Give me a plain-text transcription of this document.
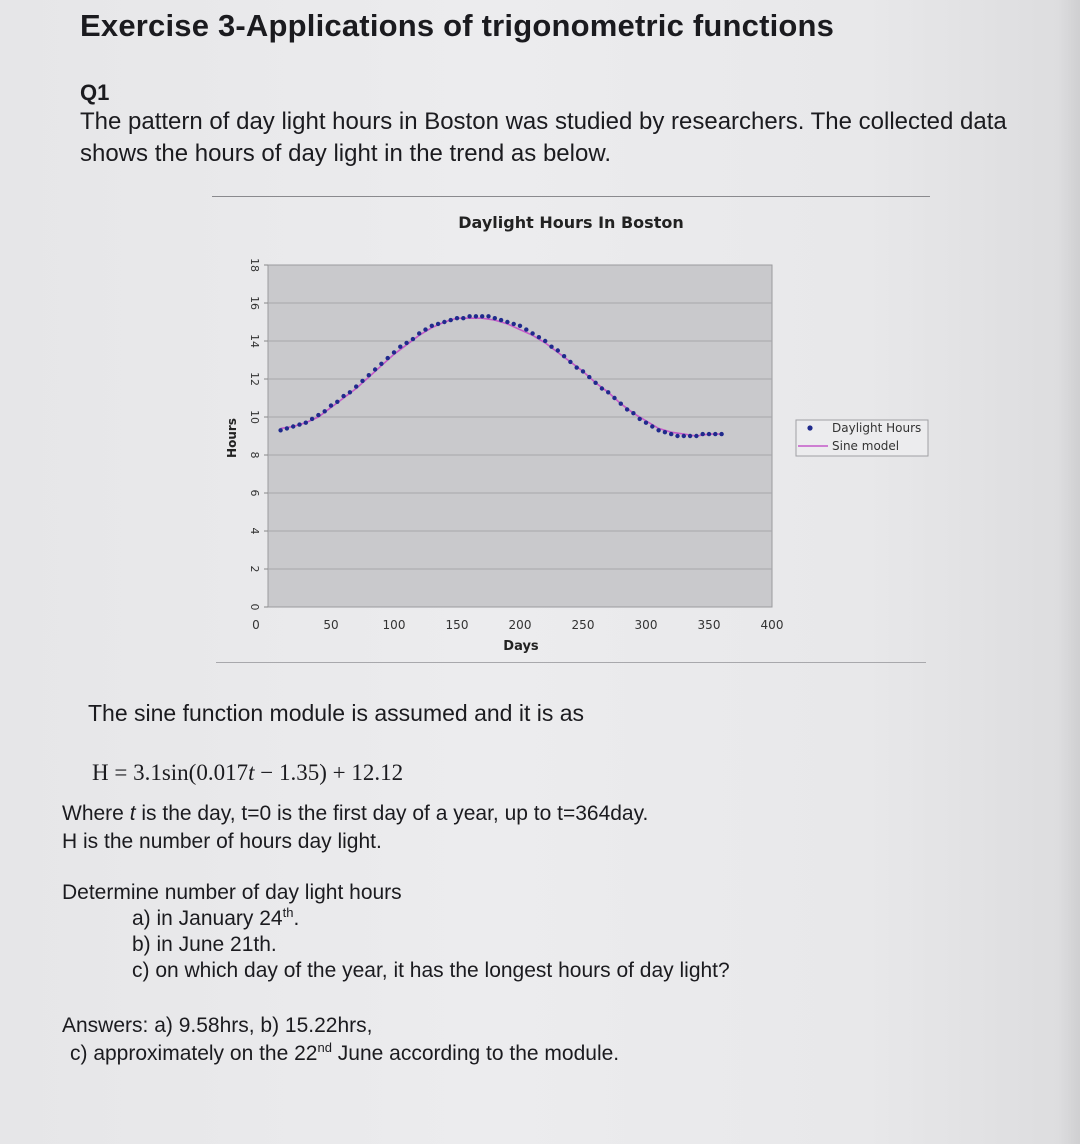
Exercise 3-Applications of trigonometric functions
Q1
The pattern of day light hours in Boston was studied by researchers. The collected data shows the hours of day light in the trend as below.
Daylight Hours In Boston
0
2
4
6
8
10
12
14
16
18
0	50	100	150	200	250	300	350	400
Hours
Days
Daylight Hours
Sine model
The sine function module is assumed and it is as
H = 3.1sin(0.017t − 1.35) + 12.12
Where t is the day, t=0 is the first day of a year, up to t=364day.
H is the number of hours day light.
Determine number of day light hours
a) in January 24th.
b) in June 21th.
c) on which day of the year, it has the longest hours of day light?
Answers: a) 9.58hrs, b) 15.22hrs,
c) approximately on the 22nd June according to the module.
